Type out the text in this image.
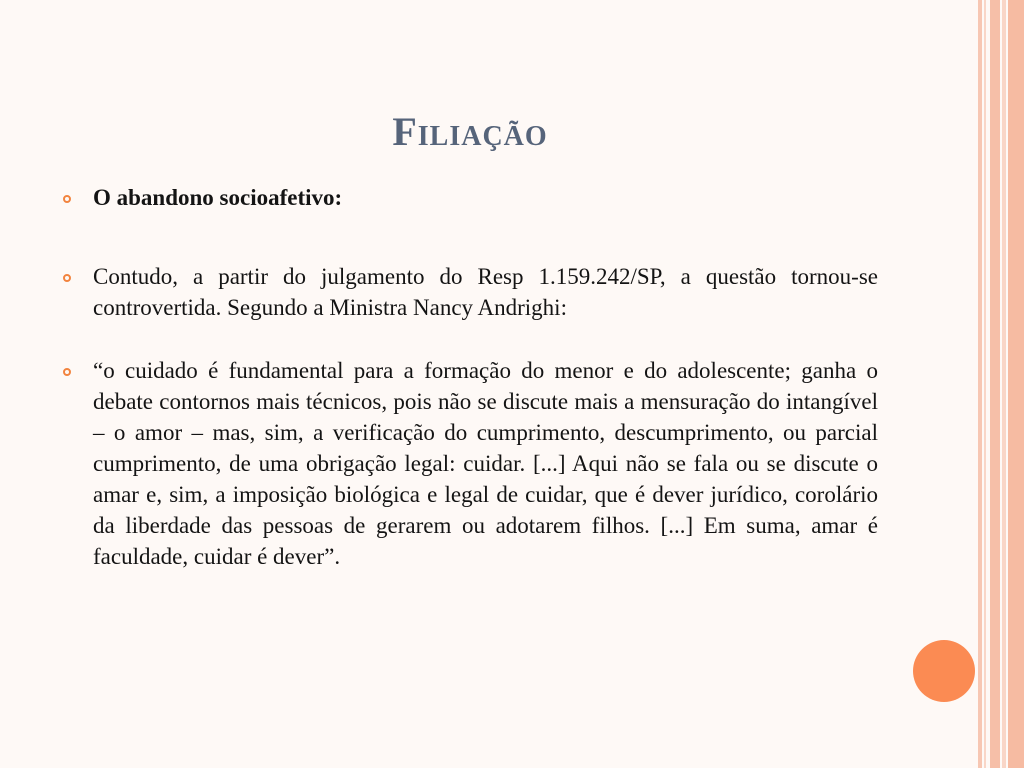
Filiação
O abandono socioafetivo:
Contudo, a partir do julgamento do Resp 1.159.242/SP, a questão tornou-se controvertida. Segundo a Ministra Nancy Andrighi:
“o cuidado é fundamental para a formação do menor e do adolescente; ganha o debate contornos mais técnicos, pois não se discute mais a mensuração do intangível – o amor – mas, sim, a verificação do cumprimento, descumprimento, ou parcial cumprimento, de uma obrigação legal: cuidar. [...] Aqui não se fala ou se discute o amar e, sim, a imposição biológica e legal de cuidar, que é dever jurídico, corolário da liberdade das pessoas de gerarem ou adotarem filhos. [...] Em suma, amar é faculdade, cuidar é dever”.
